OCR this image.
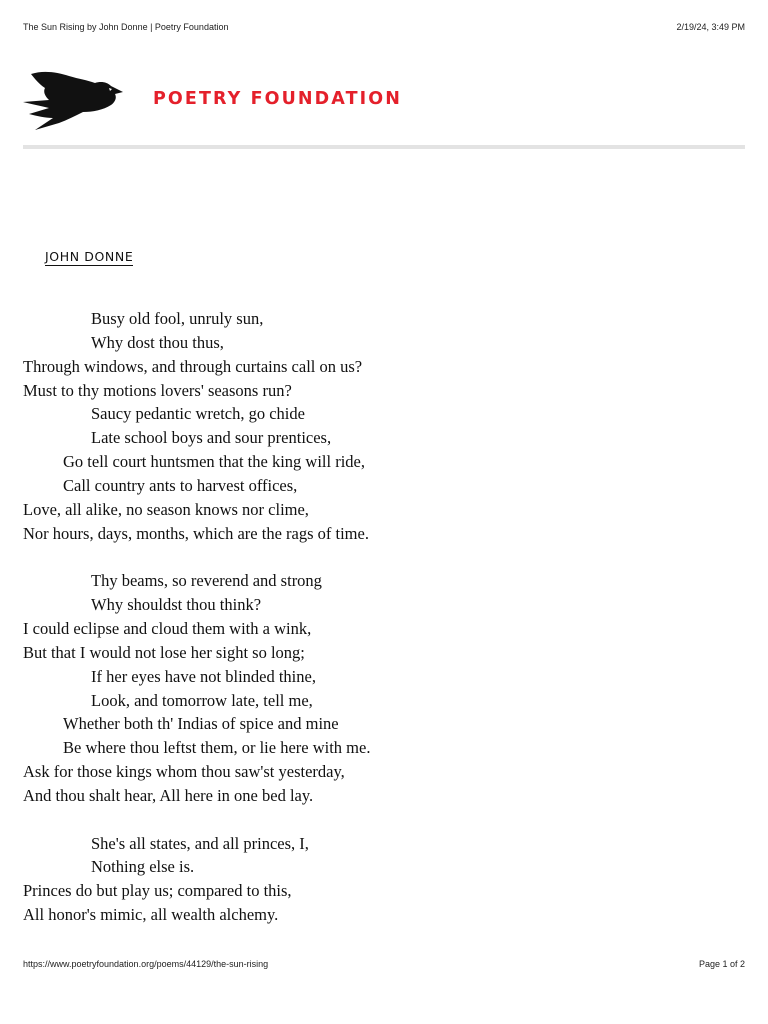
The Sun Rising by John Donne | Poetry Foundation	2/19/24, 3:49 PM
POETRY FOUNDATION
JOHN DONNE
Busy old fool, unruly sun,
Why dost thou thus,
Through windows, and through curtains call on us?
Must to thy motions lovers' seasons run?
Saucy pedantic wretch, go chide
Late school boys and sour prentices,
Go tell court huntsmen that the king will ride,
Call country ants to harvest offices,
Love, all alike, no season knows nor clime,
Nor hours, days, months, which are the rags of time.
Thy beams, so reverend and strong
Why shouldst thou think?
I could eclipse and cloud them with a wink,
But that I would not lose her sight so long;
If her eyes have not blinded thine,
Look, and tomorrow late, tell me,
Whether both th' Indias of spice and mine
Be where thou leftst them, or lie here with me.
Ask for those kings whom thou saw'st yesterday,
And thou shalt hear, All here in one bed lay.
She's all states, and all princes, I,
Nothing else is.
Princes do but play us; compared to this,
All honor's mimic, all wealth alchemy.
https://www.poetryfoundation.org/poems/44129/the-sun-rising	Page 1 of 2
